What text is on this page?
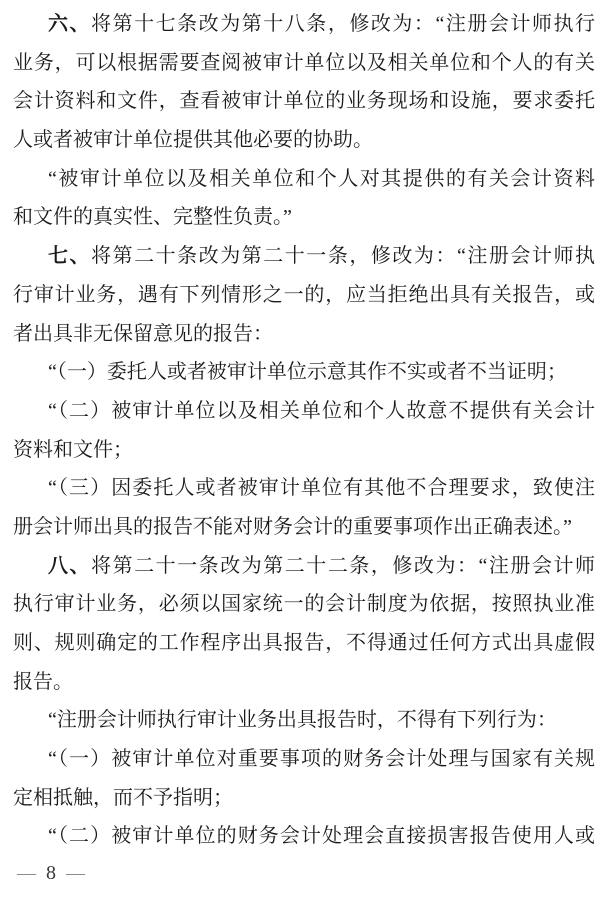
六、将第十七条改为第十八条，修改为：“注册会计师执行
业务，可以根据需要查阅被审计单位以及相关单位和个人的有关
会计资料和文件，查看被审计单位的业务现场和设施，要求委托
人或者被审计单位提供其他必要的协助。
“被审计单位以及相关单位和个人对其提供的有关会计资料
和文件的真实性、完整性负责。”
七、将第二十条改为第二十一条，修改为：“注册会计师执
行审计业务，遇有下列情形之一的，应当拒绝出具有关报告，或
者出具非无保留意见的报告：
“（一）委托人或者被审计单位示意其作不实或者不当证明；
“（二）被审计单位以及相关单位和个人故意不提供有关会计
资料和文件；
“（三）因委托人或者被审计单位有其他不合理要求，致使注
册会计师出具的报告不能对财务会计的重要事项作出正确表述。”
八、将第二十一条改为第二十二条，修改为：“注册会计师
执行审计业务，必须以国家统一的会计制度为依据，按照执业准
则、规则确定的工作程序出具报告，不得通过任何方式出具虚假
报告。
“注册会计师执行审计业务出具报告时，不得有下列行为：
“（一）被审计单位对重要事项的财务会计处理与国家有关规
定相抵触，而不予指明；
“（二）被审计单位的财务会计处理会直接损害报告使用人或
— 8 —
